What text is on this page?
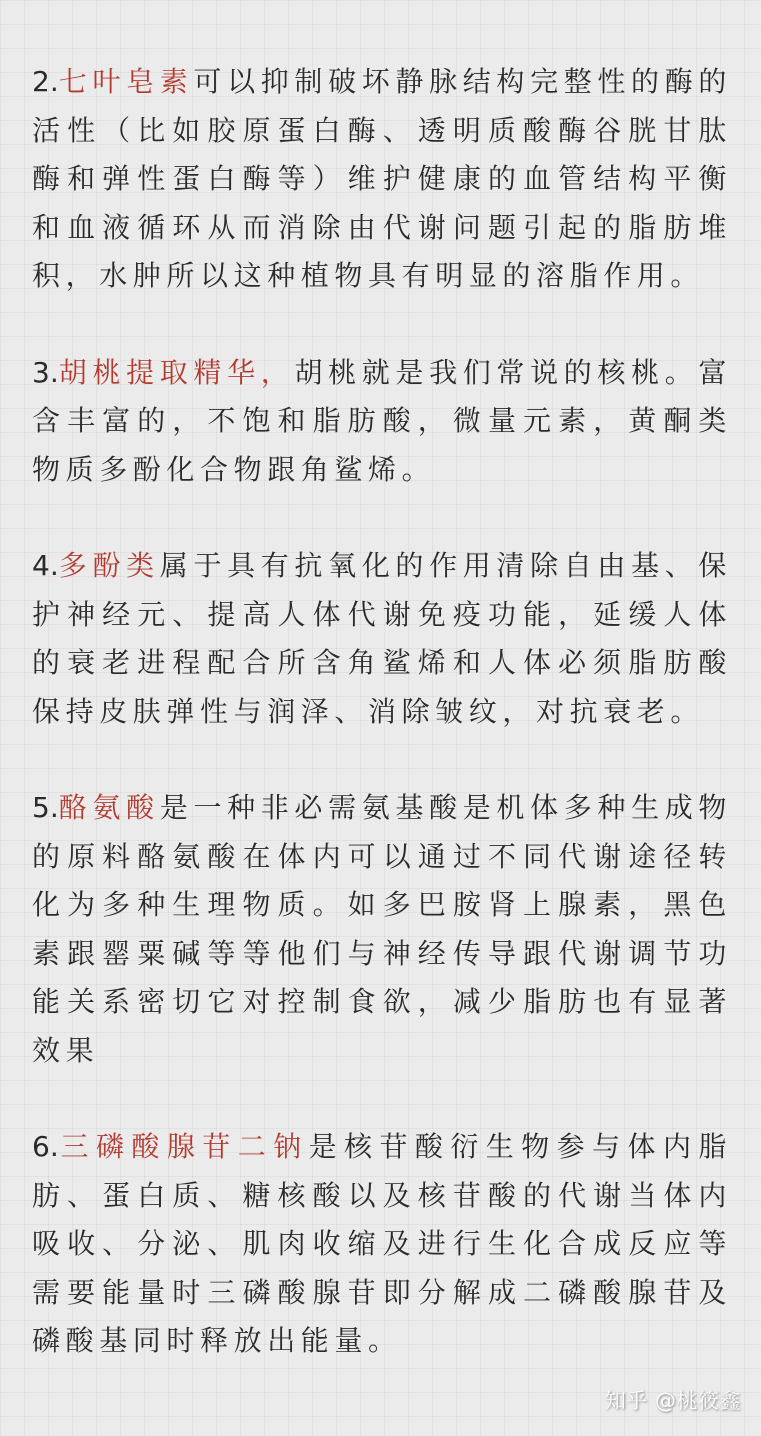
2.七叶皂素可以抑制破坏静脉结构完整性的酶的活性（比如胶原蛋白酶、透明质酸酶谷胱甘肽酶和弹性蛋白酶等）维护健康的血管结构平衡和血液循环从而消除由代谢问题引起的脂肪堆积，水肿所以这种植物具有明显的溶脂作用。

3.胡桃提取精华，胡桃就是我们常说的核桃。富含丰富的，不饱和脂肪酸，微量元素，黄酮类物质多酚化合物跟角鲨烯。

4.多酚类属于具有抗氧化的作用清除自由基、保护神经元、提高人体代谢免疫功能，延缓人体的衰老进程配合所含角鲨烯和人体必须脂肪酸保持皮肤弹性与润泽、消除皱纹，对抗衰老。

5.酪氨酸是一种非必需氨基酸是机体多种生成物的原料酪氨酸在体内可以通过不同代谢途径转化为多种生理物质。如多巴胺肾上腺素，黑色素跟罂粟碱等等他们与神经传导跟代谢调节功能关系密切它对控制食欲，减少脂肪也有显著效果

6.三磷酸腺苷二钠是核苷酸衍生物参与体内脂肪、蛋白质、糖核酸以及核苷酸的代谢当体内吸收、分泌、肌肉收缩及进行生化合成反应等需要能量时三磷酸腺苷即分解成二磷酸腺苷及磷酸基同时释放出能量。

知乎 @桃筱鑫
